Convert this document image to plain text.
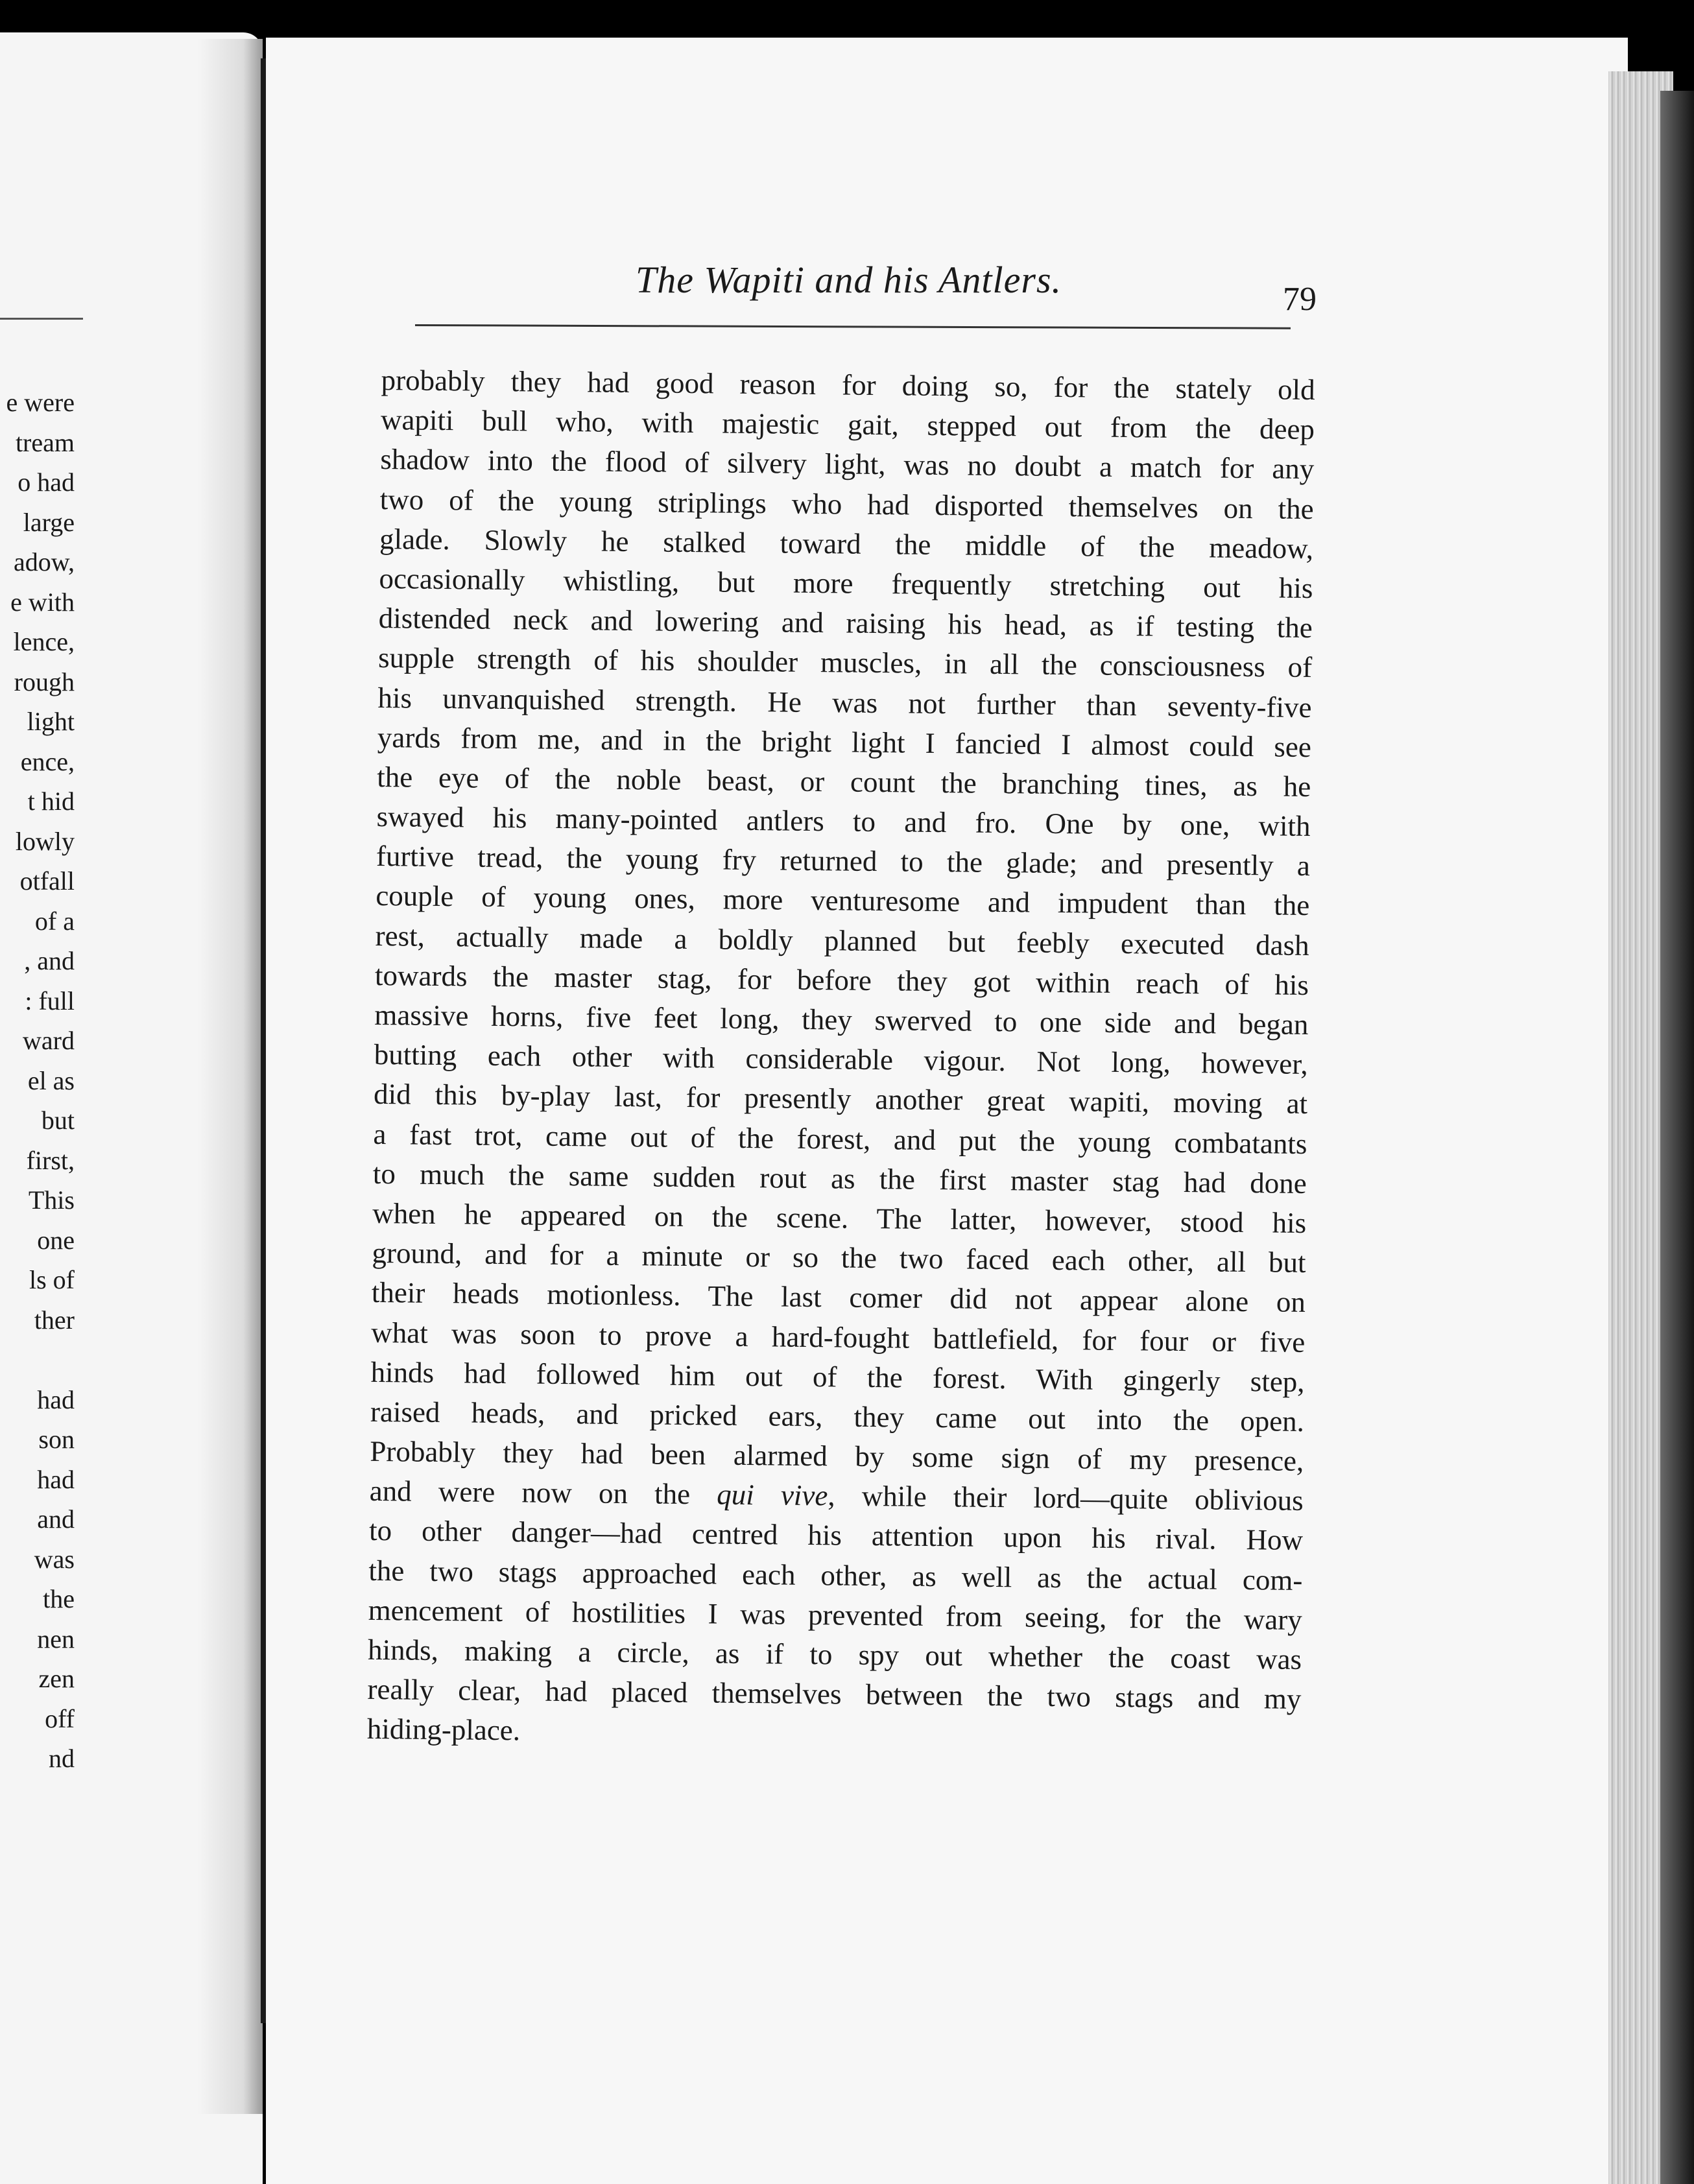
e were
tream
o had
large
adow,
e with
lence,
rough
light
ence,
t hid
lowly
otfall
of a
, and
: full
ward
el as
but
first,
This
one
ls of
ther
had
son
had
and
was
the
nen
zen
off
nd
The Wapiti and his Antlers.	79
probably they had good reason for doing so, for the stately old
wapiti bull who, with majestic gait, stepped out from the deep
shadow into the flood of silvery light, was no doubt a match for any
two of the young striplings who had disported themselves on the
glade. Slowly he stalked toward the middle of the meadow,
occasionally whistling, but more frequently stretching out his
distended neck and lowering and raising his head, as if testing the
supple strength of his shoulder muscles, in all the consciousness of
his unvanquished strength. He was not further than seventy-five
yards from me, and in the bright light I fancied I almost could see
the eye of the noble beast, or count the branching tines, as he
swayed his many-pointed antlers to and fro. One by one, with
furtive tread, the young fry returned to the glade; and presently a
couple of young ones, more venturesome and impudent than the
rest, actually made a boldly planned but feebly executed dash
towards the master stag, for before they got within reach of his
massive horns, five feet long, they swerved to one side and began
butting each other with considerable vigour. Not long, however,
did this by-play last, for presently another great wapiti, moving at
a fast trot, came out of the forest, and put the young combatants
to much the same sudden rout as the first master stag had done
when he appeared on the scene. The latter, however, stood his
ground, and for a minute or so the two faced each other, all but
their heads motionless. The last comer did not appear alone on
what was soon to prove a hard-fought battlefield, for four or five
hinds had followed him out of the forest. With gingerly step,
raised heads, and pricked ears, they came out into the open.
Probably they had been alarmed by some sign of my presence,
and were now on the qui vive, while their lord—quite oblivious
to other danger—had centred his attention upon his rival. How
the two stags approached each other, as well as the actual com-
mencement of hostilities I was prevented from seeing, for the wary
hinds, making a circle, as if to spy out whether the coast was
really clear, had placed themselves between the two stags and my
hiding-place.
